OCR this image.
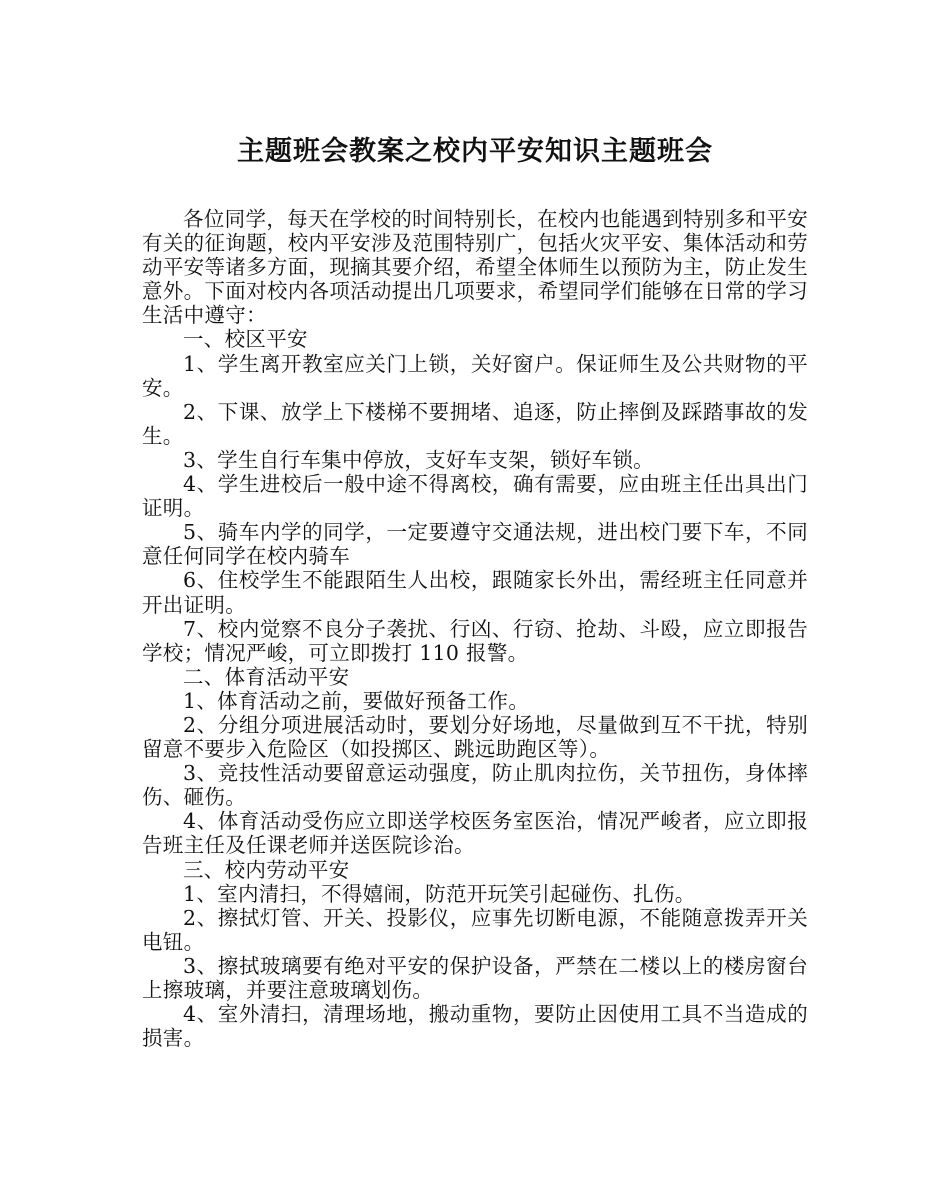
主题班会教案之校内平安知识主题班会

各位同学，每天在学校的时间特别长，在校内也能遇到特别多和平安有关的征询题，校内平安涉及范围特别广，包括火灾平安、集体活动和劳动平安等诸多方面，现摘其要介绍，希望全体师生以预防为主，防止发生意外。下面对校内各项活动提出几项要求，希望同学们能够在日常的学习生活中遵守：

一、校区平安

1、学生离开教室应关门上锁，关好窗户。保证师生及公共财物的平安。

2、下课、放学上下楼梯不要拥堵、追逐，防止摔倒及踩踏事故的发生。

3、学生自行车集中停放，支好车支架，锁好车锁。

4、学生进校后一般中途不得离校，确有需要，应由班主任出具出门证明。

5、骑车内学的同学，一定要遵守交通法规，进出校门要下车，不同意任何同学在校内骑车

6、住校学生不能跟陌生人出校，跟随家长外出，需经班主任同意并开出证明。

7、校内觉察不良分子袭扰、行凶、行窃、抢劫、斗殴，应立即报告学校；情况严峻，可立即拨打 110 报警。

二、体育活动平安

1、体育活动之前，要做好预备工作。

2、分组分项进展活动时，要划分好场地，尽量做到互不干扰，特别留意不要步入危险区（如投掷区、跳远助跑区等）。

3、竞技性活动要留意运动强度，防止肌肉拉伤，关节扭伤，身体摔伤、砸伤。

4、体育活动受伤应立即送学校医务室医治，情况严峻者，应立即报告班主任及任课老师并送医院诊治。

三、校内劳动平安

1、室内清扫，不得嬉闹，防范开玩笑引起碰伤、扎伤。

2、擦拭灯管、开关、投影仪，应事先切断电源，不能随意拨弄开关电钮。

3、擦拭玻璃要有绝对平安的保护设备，严禁在二楼以上的楼房窗台上擦玻璃，并要注意玻璃划伤。

4、室外清扫，清理场地，搬动重物，要防止因使用工具不当造成的损害。
